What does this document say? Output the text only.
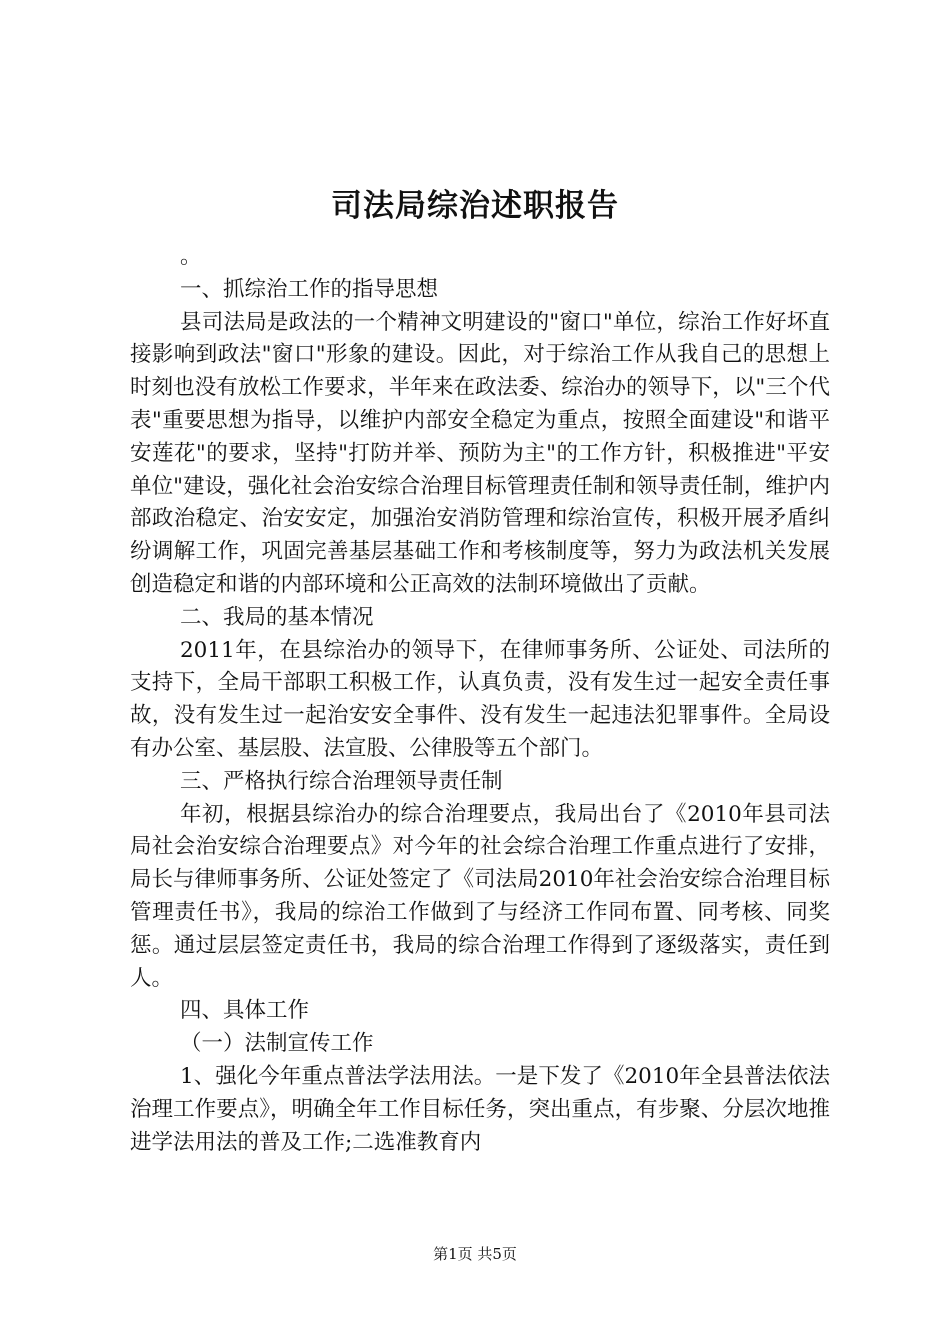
司法局综治述职报告

。

一、抓综治工作的指导思想

县司法局是政法的一个精神文明建设的"窗口"单位，综治工作好坏直接影响到政法"窗口"形象的建设。因此，对于综治工作从我自己的思想上时刻也没有放松工作要求，半年来在政法委、综治办的领导下，以"三个代表"重要思想为指导，以维护内部安全稳定为重点，按照全面建设"和谐平安莲花"的要求，坚持"打防并举、预防为主"的工作方针，积极推进"平安单位"建设，强化社会治安综合治理目标管理责任制和领导责任制，维护内部政治稳定、治安安定，加强治安消防管理和综治宣传，积极开展矛盾纠纷调解工作，巩固完善基层基础工作和考核制度等，努力为政法机关发展创造稳定和谐的内部环境和公正高效的法制环境做出了贡献。

二、我局的基本情况

2011年，在县综治办的领导下，在律师事务所、公证处、司法所的支持下，全局干部职工积极工作，认真负责，没有发生过一起安全责任事故，没有发生过一起治安安全事件、没有发生一起违法犯罪事件。全局设有办公室、基层股、法宣股、公律股等五个部门。

三、严格执行综合治理领导责任制

年初，根据县综治办的综合治理要点，我局出台了《2010年县司法局社会治安综合治理要点》对今年的社会综合治理工作重点进行了安排，局长与律师事务所、公证处签定了《司法局2010年社会治安综合治理目标管理责任书》，我局的综治工作做到了与经济工作同布置、同考核、同奖惩。通过层层签定责任书，我局的综合治理工作得到了逐级落实，责任到人。

四、具体工作

（一）法制宣传工作

1、强化今年重点普法学法用法。一是下发了《2010年全县普法依法治理工作要点》，明确全年工作目标任务，突出重点，有步聚、分层次地推进学法用法的普及工作;二选准教育内

第1页 共5页
